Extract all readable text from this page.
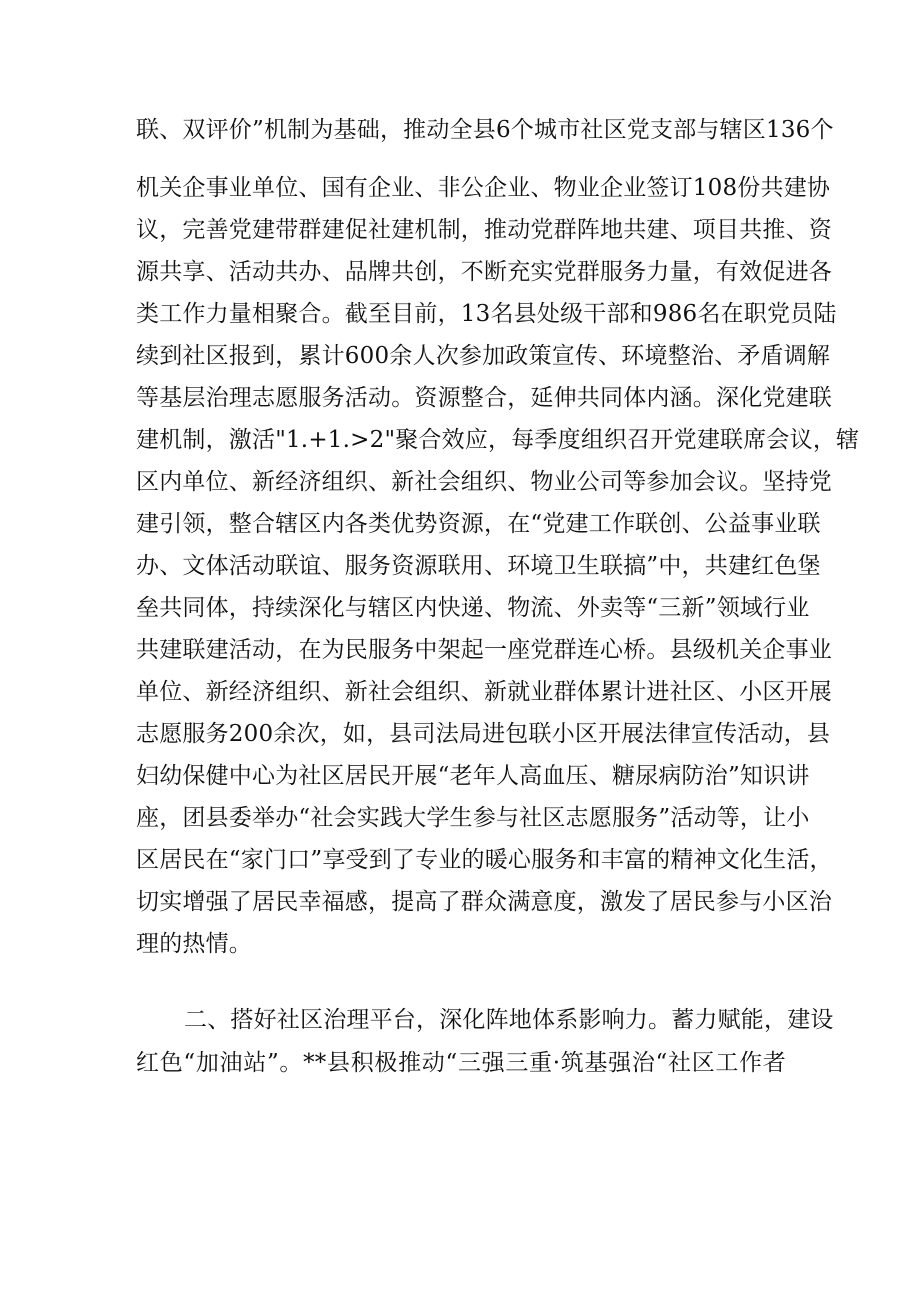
联、双评价”机制为基础，推动全县6个城市社区党支部与辖区136个
机关企事业单位、国有企业、非公企业、物业企业签订108份共建协
议，完善党建带群建促社建机制，推动党群阵地共建、项目共推、资
源共享、活动共办、品牌共创，不断充实党群服务力量，有效促进各
类工作力量相聚合。截至目前，13名县处级干部和986名在职党员陆
续到社区报到，累计600余人次参加政策宣传、环境整治、矛盾调解
等基层治理志愿服务活动。资源整合，延伸共同体内涵。深化党建联
建机制，激活"1.+1.>2"聚合效应，每季度组织召开党建联席会议，辖
区内单位、新经济组织、新社会组织、物业公司等参加会议。坚持党
建引领，整合辖区内各类优势资源，在“党建工作联创、公益事业联
办、文体活动联谊、服务资源联用、环境卫生联搞”中，共建红色堡
垒共同体，持续深化与辖区内快递、物流、外卖等“三新”领域行业
共建联建活动，在为民服务中架起一座党群连心桥。县级机关企事业
单位、新经济组织、新社会组织、新就业群体累计进社区、小区开展
志愿服务200余次，如，县司法局进包联小区开展法律宣传活动，县
妇幼保健中心为社区居民开展“老年人高血压、糖尿病防治”知识讲
座，团县委举办“社会实践大学生参与社区志愿服务”活动等，让小
区居民在“家门口”享受到了专业的暖心服务和丰富的精神文化生活，
切实增强了居民幸福感，提高了群众满意度，激发了居民参与小区治
理的热情。
二、搭好社区治理平台，深化阵地体系影响力。蓄力赋能，建设
红色“加油站”。**县积极推动“三强三重·筑基强治“社区工作者
